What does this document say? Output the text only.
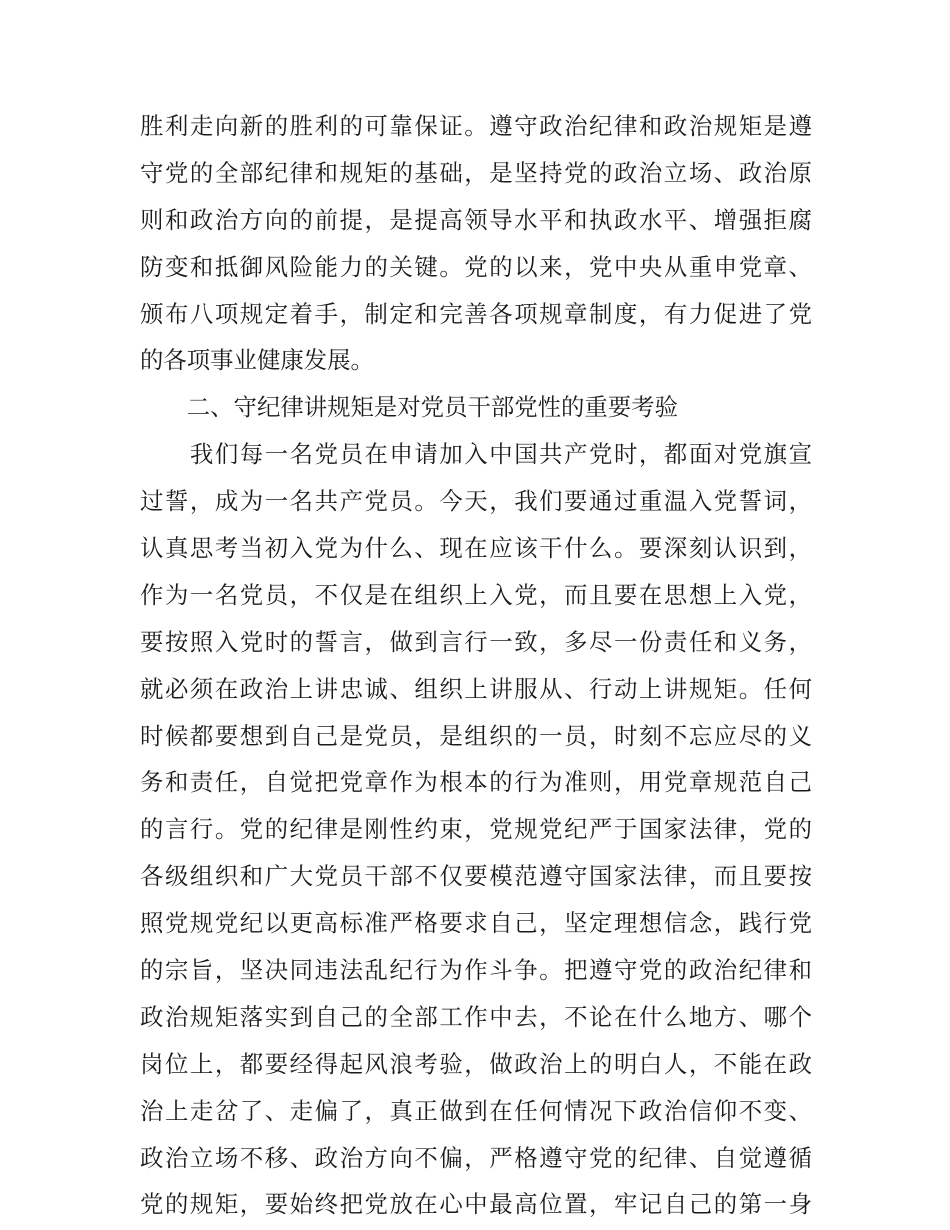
胜利走向新的胜利的可靠保证。遵守政治纪律和政治规矩是遵
守党的全部纪律和规矩的基础，是坚持党的政治立场、政治原
则和政治方向的前提，是提高领导水平和执政水平、增强拒腐
防变和抵御风险能力的关键。党的以来，党中央从重申党章、
颁布八项规定着手，制定和完善各项规章制度，有力促进了党
的各项事业健康发展。
　　二、守纪律讲规矩是对党员干部党性的重要考验
　　我们每一名党员在申请加入中国共产党时，都面对党旗宣
过誓，成为一名共产党员。今天，我们要通过重温入党誓词，
认真思考当初入党为什么、现在应该干什么。要深刻认识到，
作为一名党员，不仅是在组织上入党，而且要在思想上入党，
要按照入党时的誓言，做到言行一致，多尽一份责任和义务，
就必须在政治上讲忠诚、组织上讲服从、行动上讲规矩。任何
时候都要想到自己是党员，是组织的一员，时刻不忘应尽的义
务和责任，自觉把党章作为根本的行为准则，用党章规范自己
的言行。党的纪律是刚性约束，党规党纪严于国家法律，党的
各级组织和广大党员干部不仅要模范遵守国家法律，而且要按
照党规党纪以更高标准严格要求自己，坚定理想信念，践行党
的宗旨，坚决同违法乱纪行为作斗争。把遵守党的政治纪律和
政治规矩落实到自己的全部工作中去，不论在什么地方、哪个
岗位上，都要经得起风浪考验，做政治上的明白人，不能在政
治上走岔了、走偏了，真正做到在任何情况下政治信仰不变、
政治立场不移、政治方向不偏，严格遵守党的纪律、自觉遵循
党的规矩，要始终把党放在心中最高位置，牢记自己的第一身
